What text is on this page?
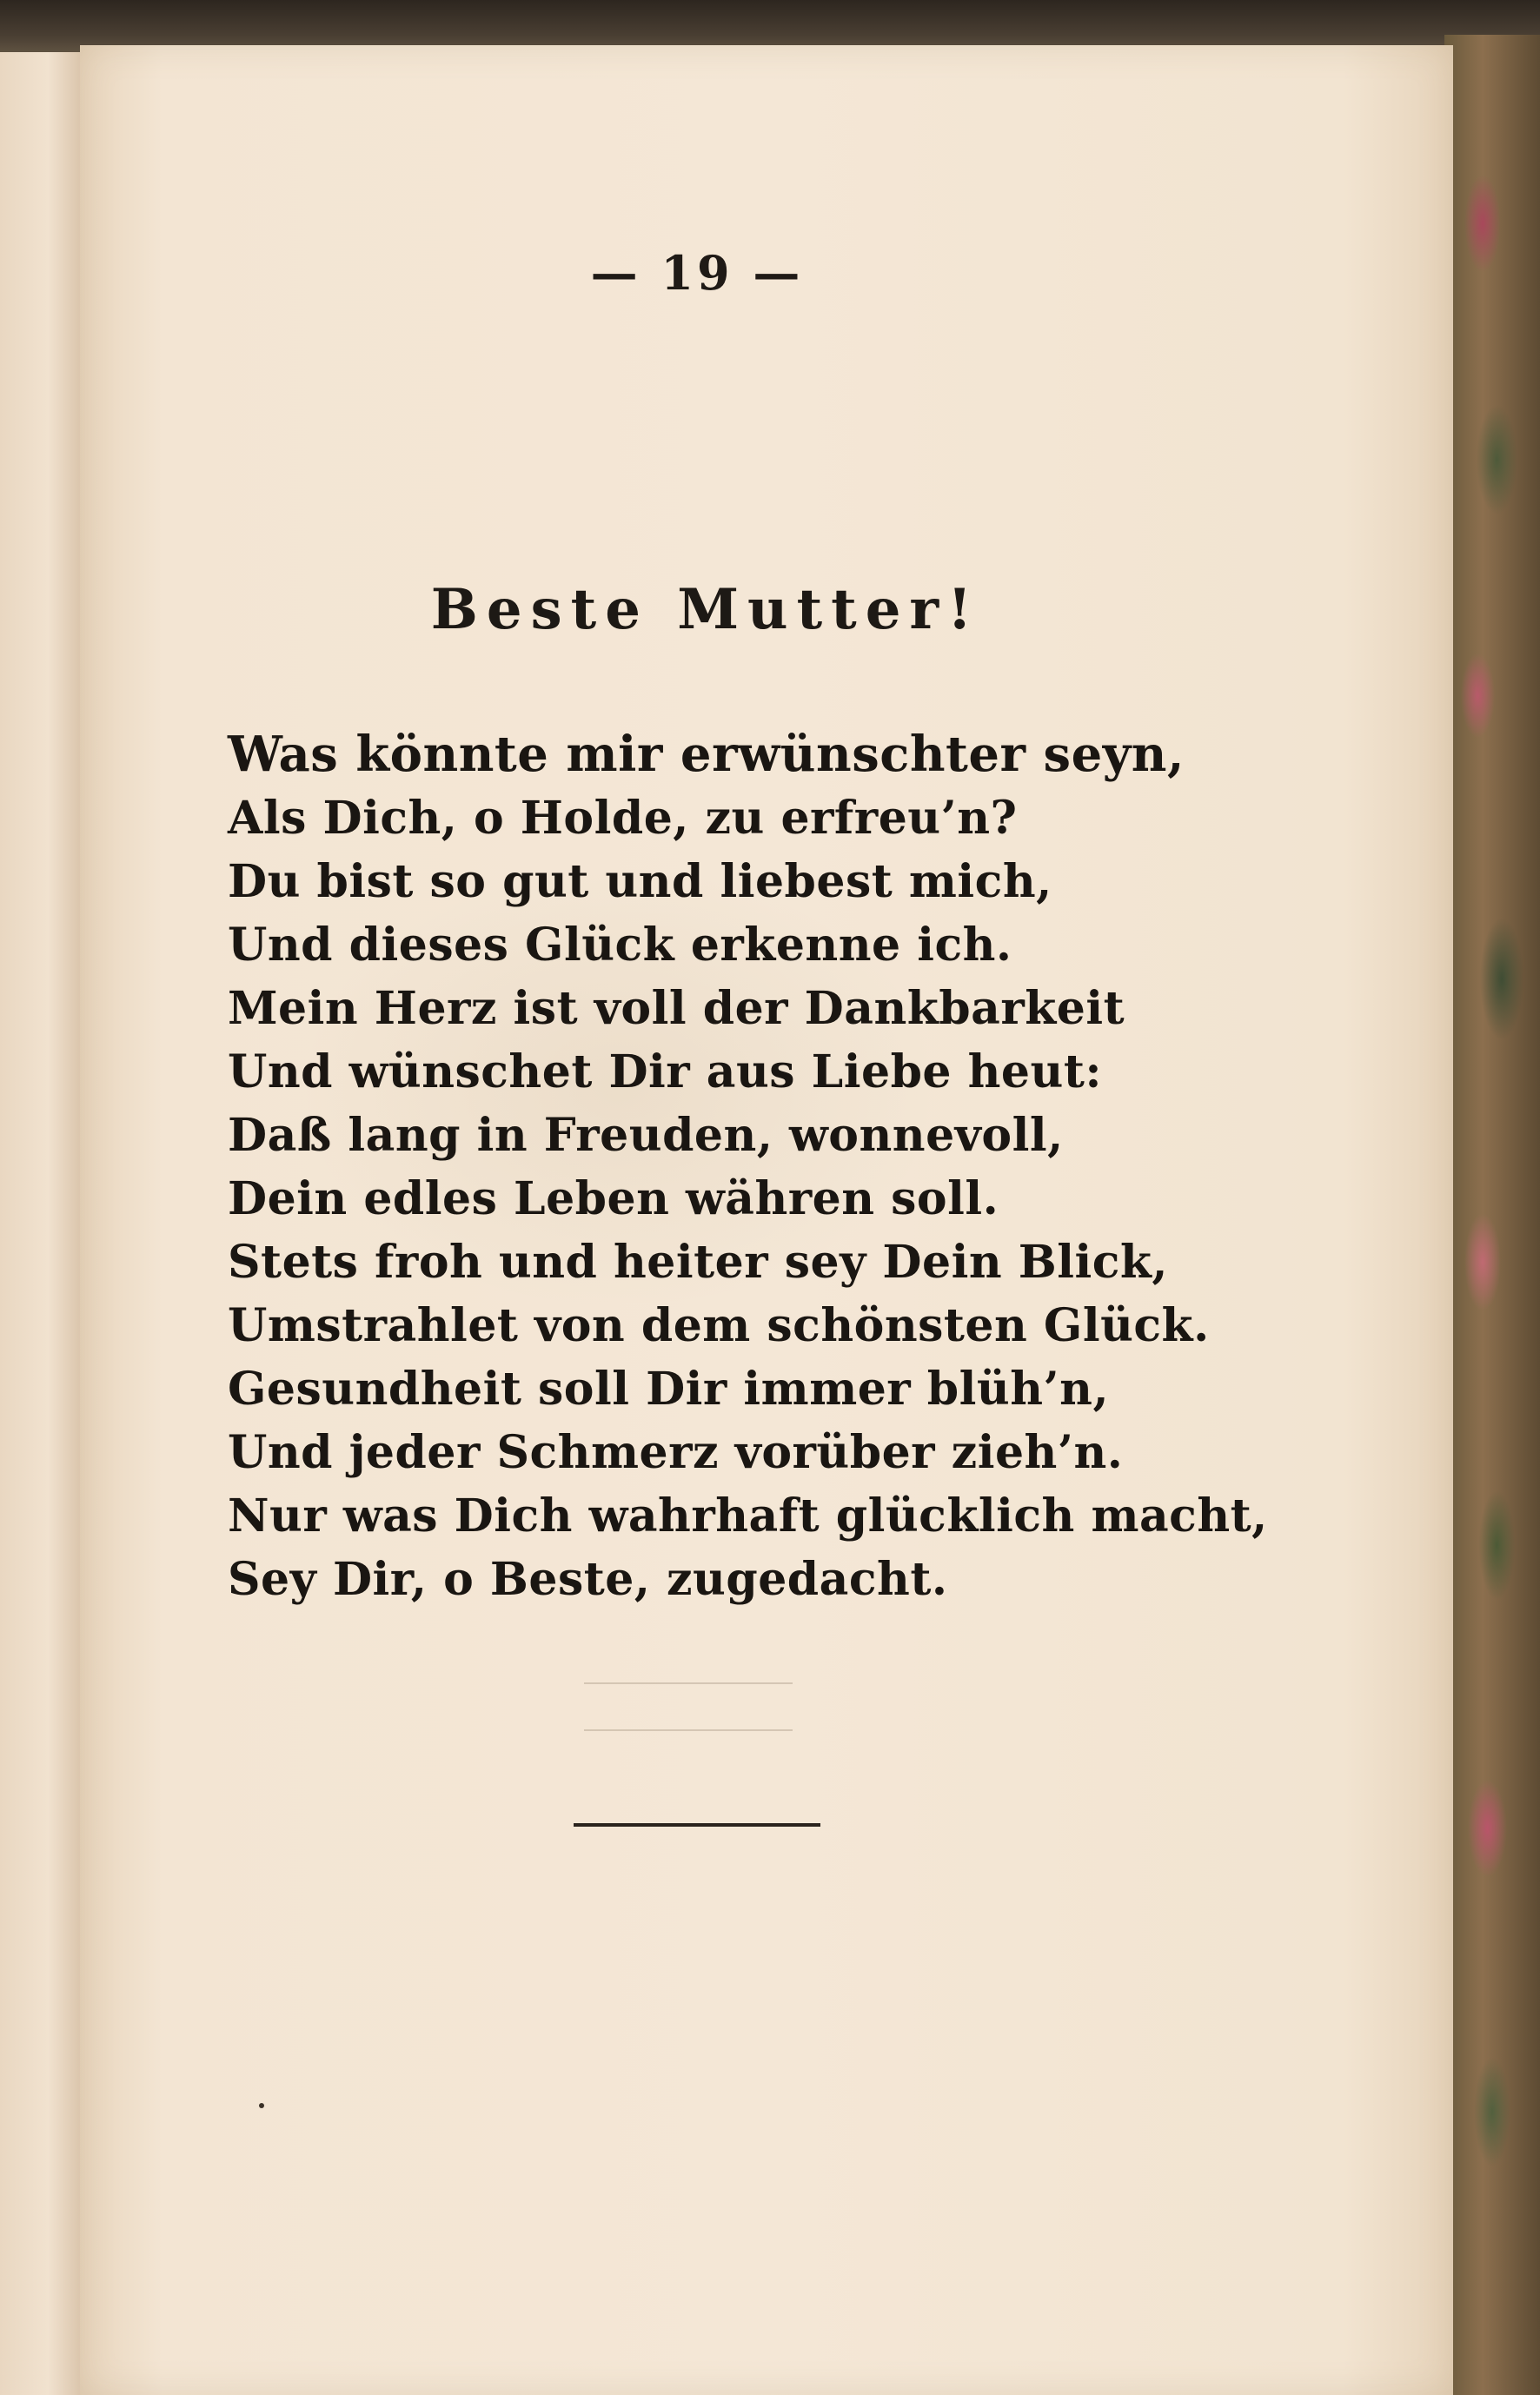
— 19 —
Beste Mutter!
Was könnte mir erwünschter seyn,
Als Dich, o Holde, zu erfreu’n?
Du bist so gut und liebest mich,
Und dieses Glück erkenne ich.
Mein Herz ist voll der Dankbarkeit
Und wünschet Dir aus Liebe heut:
Daß lang in Freuden, wonnevoll,
Dein edles Leben währen soll.
Stets froh und heiter sey Dein Blick,
Umstrahlet von dem schönsten Glück.
Gesundheit soll Dir immer blüh’n,
Und jeder Schmerz vorüber zieh’n.
Nur was Dich wahrhaft glücklich macht,
Sey Dir, o Beste, zugedacht.
